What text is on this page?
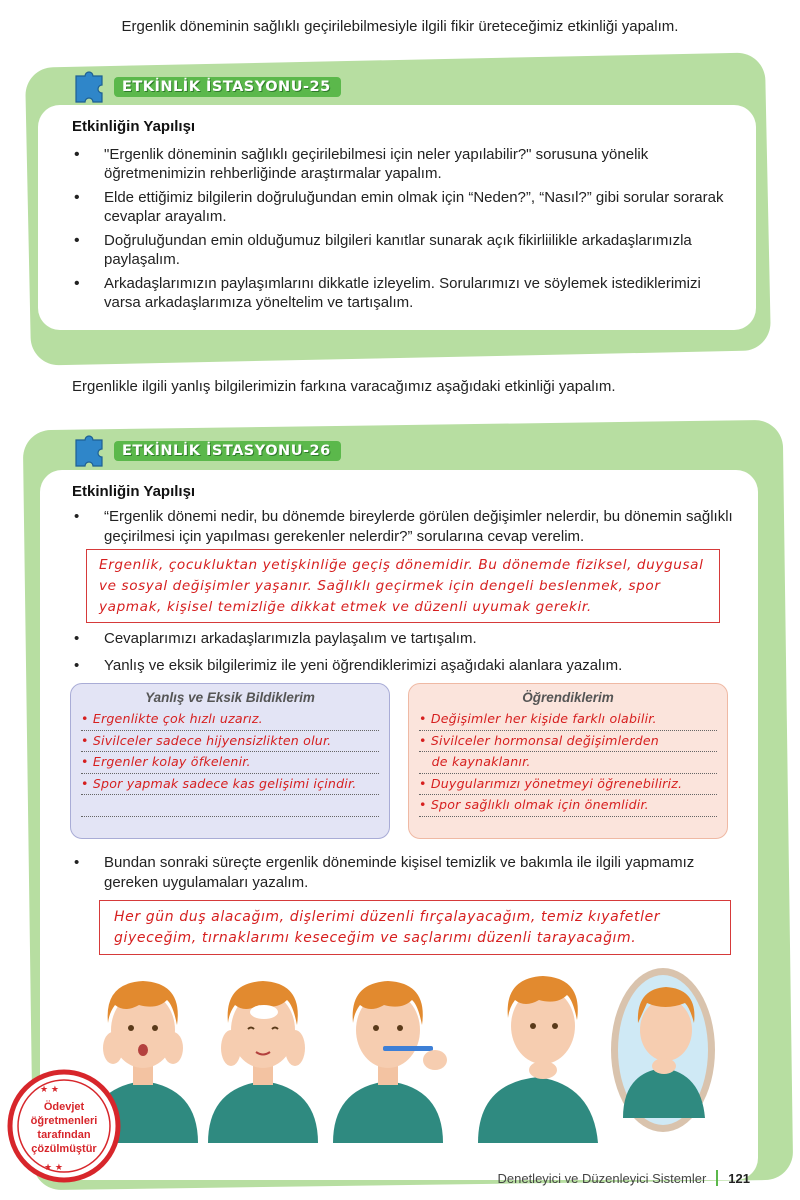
Ergenlik döneminin sağlıklı geçirilebilmesiyle ilgili fikir üreteceğimiz etkinliği yapalım.
ETKİNLİK İSTASYONU-25
Etkinliğin Yapılışı
• "Ergenlik döneminin sağlıklı geçirilebilmesi için neler yapılabilir?" sorusuna yönelik öğretmenimizin rehberliğinde araştırmalar yapalım.
• Elde ettiğimiz bilgilerin doğruluğundan emin olmak için “Neden?”, “Nasıl?” gibi sorular sorarak cevaplar arayalım.
• Doğruluğundan emin olduğumuz bilgileri kanıtlar sunarak açık fikirliilikle arkadaşlarımızla paylaşalım.
• Arkadaşlarımızın paylaşımlarını dikkatle izleyelim. Sorularımızı ve söylemek istediklerimizi varsa arkadaşlarımıza yöneltelim ve tartışalım.
Ergenlikle ilgili yanlış bilgilerimizin farkına varacağımız aşağıdaki etkinliği yapalım.
ETKİNLİK İSTASYONU-26
Etkinliğin Yapılışı
• “Ergenlik dönemi nedir, bu dönemde bireylerde görülen değişimler nelerdir, bu dönemin sağlıklı geçirilmesi için yapılması gerekenler nelerdir?” sorularına cevap verelim.
Ergenlik, çocukluktan yetişkinliğe geçiş dönemidir. Bu dönemde fiziksel, duygusal ve sosyal değişimler yaşanır. Sağlıklı geçirmek için dengeli beslenmek, spor yapmak, kişisel temizliğe dikkat etmek ve düzenli uyumak gerekir.
• Cevaplarımızı arkadaşlarımızla paylaşalım ve tartışalım.
• Yanlış ve eksik bilgilerimiz ile yeni öğrendiklerimizi aşağıdaki alanlara yazalım.
Yanlış ve Eksik Bildiklerim
• Ergenlikte çok hızlı uzarız.
• Sivilceler sadece hijyensizlikten olur.
• Ergenler kolay öfkelenir.
• Spor yapmak sadece kas gelişimi içindir.
Öğrendiklerim
• Değişimler her kişide farklı olabilir.
• Sivilceler hormonsal değişimlerden
de kaynaklanır.
• Duygularımızı yönetmeyi öğrenebiliriz.
• Spor sağlıklı olmak için önemlidir.
• Bundan sonraki süreçte ergenlik döneminde kişisel temizlik ve bakımla ile ilgili yapmamız gereken uygulamaları yazalım.
Her gün duş alacağım, dişlerimi düzenli fırçalayacağım, temiz kıyafetler giyeceğim, tırnaklarımı keseceğim ve saçlarımı düzenli tarayacağım.
★ ★
★ ★
Ödevjet
öğretmenleri
tarafından
çözülmüştür
Denetleyici ve Düzenleyici Sistemler 121
